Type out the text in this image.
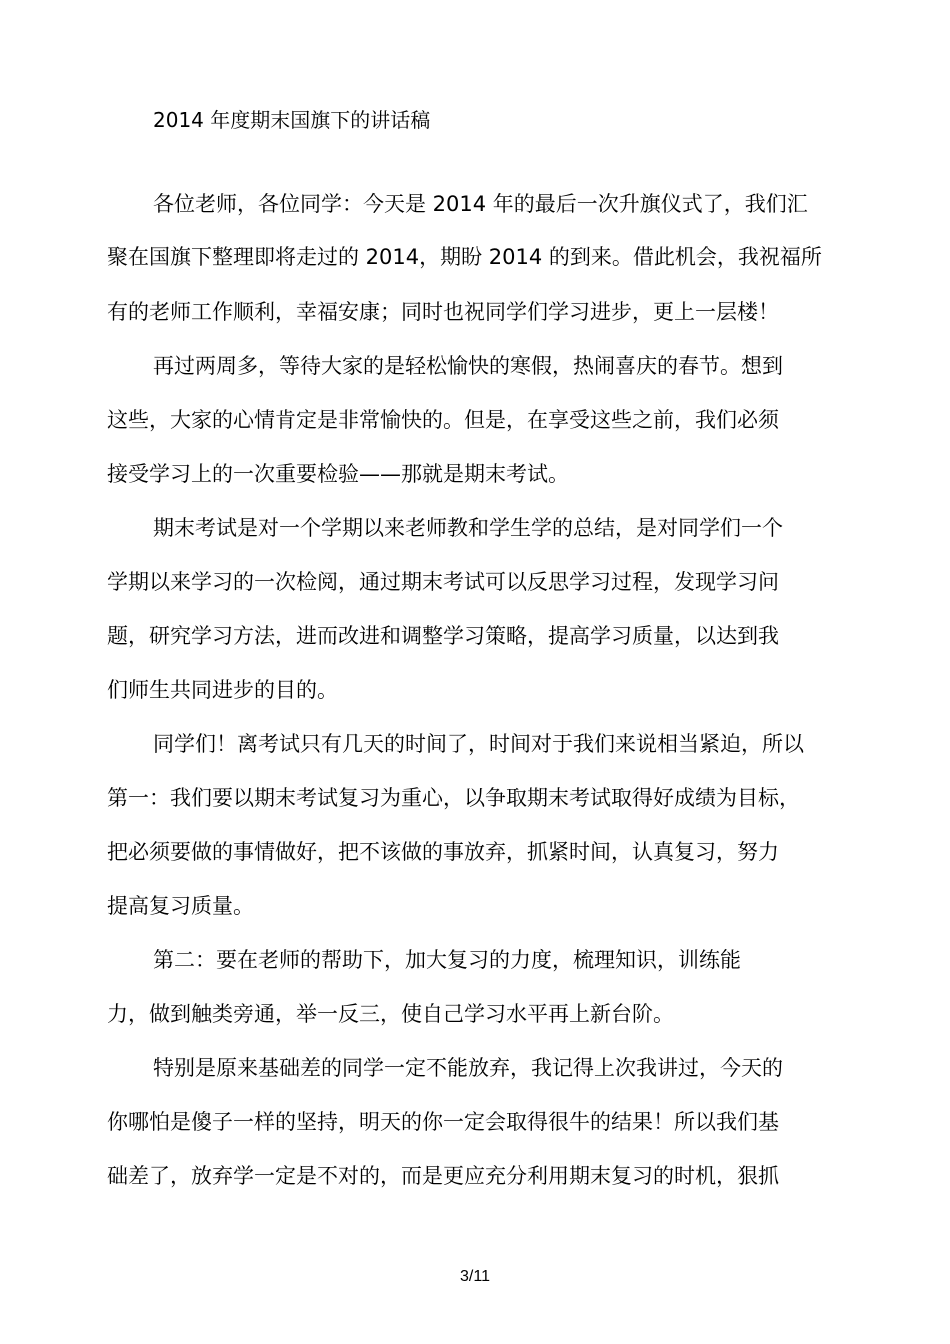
2014 年度期末国旗下的讲话稿
各位老师，各位同学：今天是 2014 年的最后一次升旗仪式了，我们汇
聚在国旗下整理即将走过的 2014，期盼 2014 的到来。借此机会，我祝福所
有的老师工作顺利，幸福安康；同时也祝同学们学习进步，更上一层楼！
再过两周多，等待大家的是轻松愉快的寒假，热闹喜庆的春节。想到
这些，大家的心情肯定是非常愉快的。但是，在享受这些之前，我们必须
接受学习上的一次重要检验——那就是期末考试。
期末考试是对一个学期以来老师教和学生学的总结，是对同学们一个
学期以来学习的一次检阅，通过期末考试可以反思学习过程，发现学习问
题，研究学习方法，进而改进和调整学习策略，提高学习质量，以达到我
们师生共同进步的目的。
同学们！离考试只有几天的时间了，时间对于我们来说相当紧迫，所以
第一：我们要以期末考试复习为重心，以争取期末考试取得好成绩为目标，
把必须要做的事情做好，把不该做的事放弃，抓紧时间，认真复习，努力
提高复习质量。
第二：要在老师的帮助下，加大复习的力度，梳理知识，训练能
力，做到触类旁通，举一反三，使自己学习水平再上新台阶。
特别是原来基础差的同学一定不能放弃，我记得上次我讲过，今天的
你哪怕是傻子一样的坚持，明天的你一定会取得很牛的结果！所以我们基
础差了，放弃学一定是不对的，而是更应充分利用期末复习的时机，狠抓
3/11
